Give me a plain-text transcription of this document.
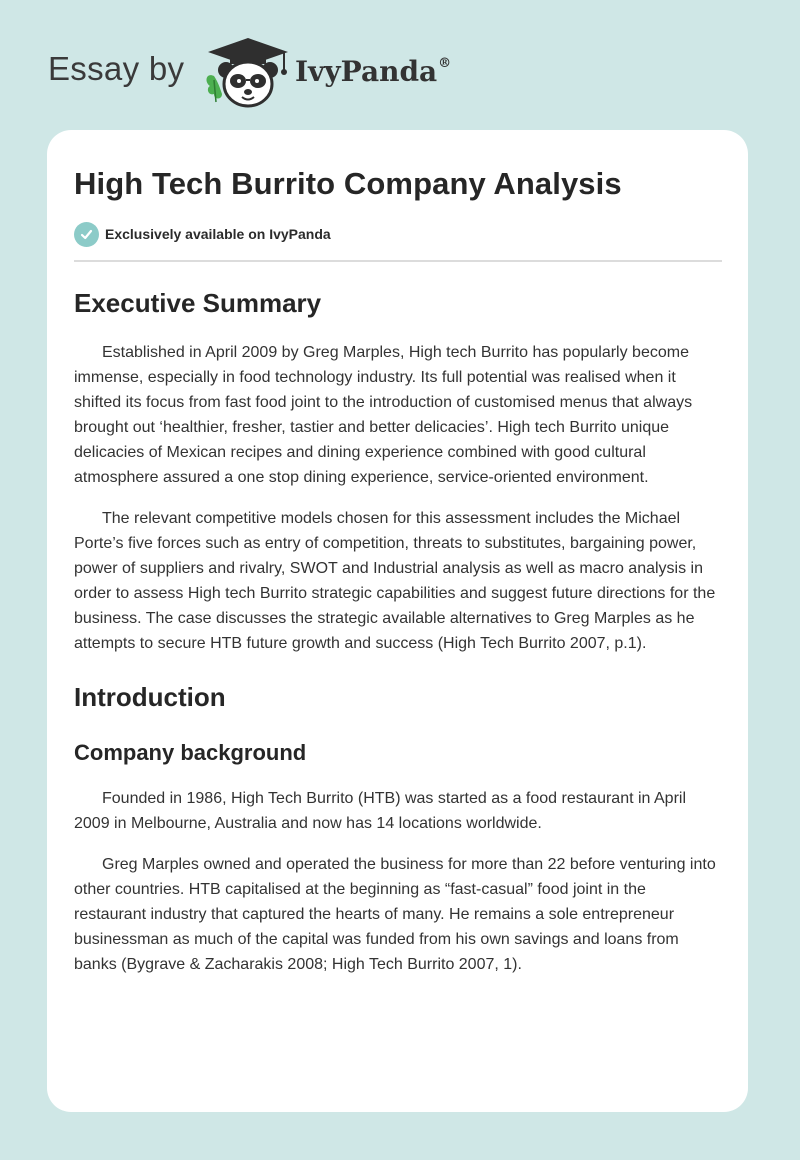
Essay by	IvyPanda®
High Tech Burrito Company Analysis
Exclusively available on IvyPanda
Executive Summary

Established in April 2009 by Greg Marples, High tech Burrito has popularly become immense, especially in food technology industry. Its full potential was realised when it shifted its focus from fast food joint to the introduction of customised menus that always brought out ‘healthier, fresher, tastier and better delicacies’. High tech Burrito unique delicacies of Mexican recipes and dining experience combined with good cultural atmosphere assured a one stop dining experience, service-oriented environment.

The relevant competitive models chosen for this assessment includes the Michael Porte’s five forces such as entry of competition, threats to substitutes, bargaining power, power of suppliers and rivalry, SWOT and Industrial analysis as well as macro analysis in order to assess High tech Burrito strategic capabilities and suggest future directions for the business. The case discusses the strategic available alternatives to Greg Marples as he attempts to secure HTB future growth and success (High Tech Burrito 2007, p.1).

Introduction
Company background

Founded in 1986, High Tech Burrito (HTB) was started as a food restaurant in April 2009 in Melbourne, Australia and now has 14 locations worldwide.

Greg Marples owned and operated the business for more than 22 before venturing into other countries. HTB capitalised at the beginning as “fast-casual” food joint in the restaurant industry that captured the hearts of many. He remains a sole entrepreneur businessman as much of the capital was funded from his own savings and loans from banks (Bygrave & Zacharakis 2008; High Tech Burrito 2007, 1).
